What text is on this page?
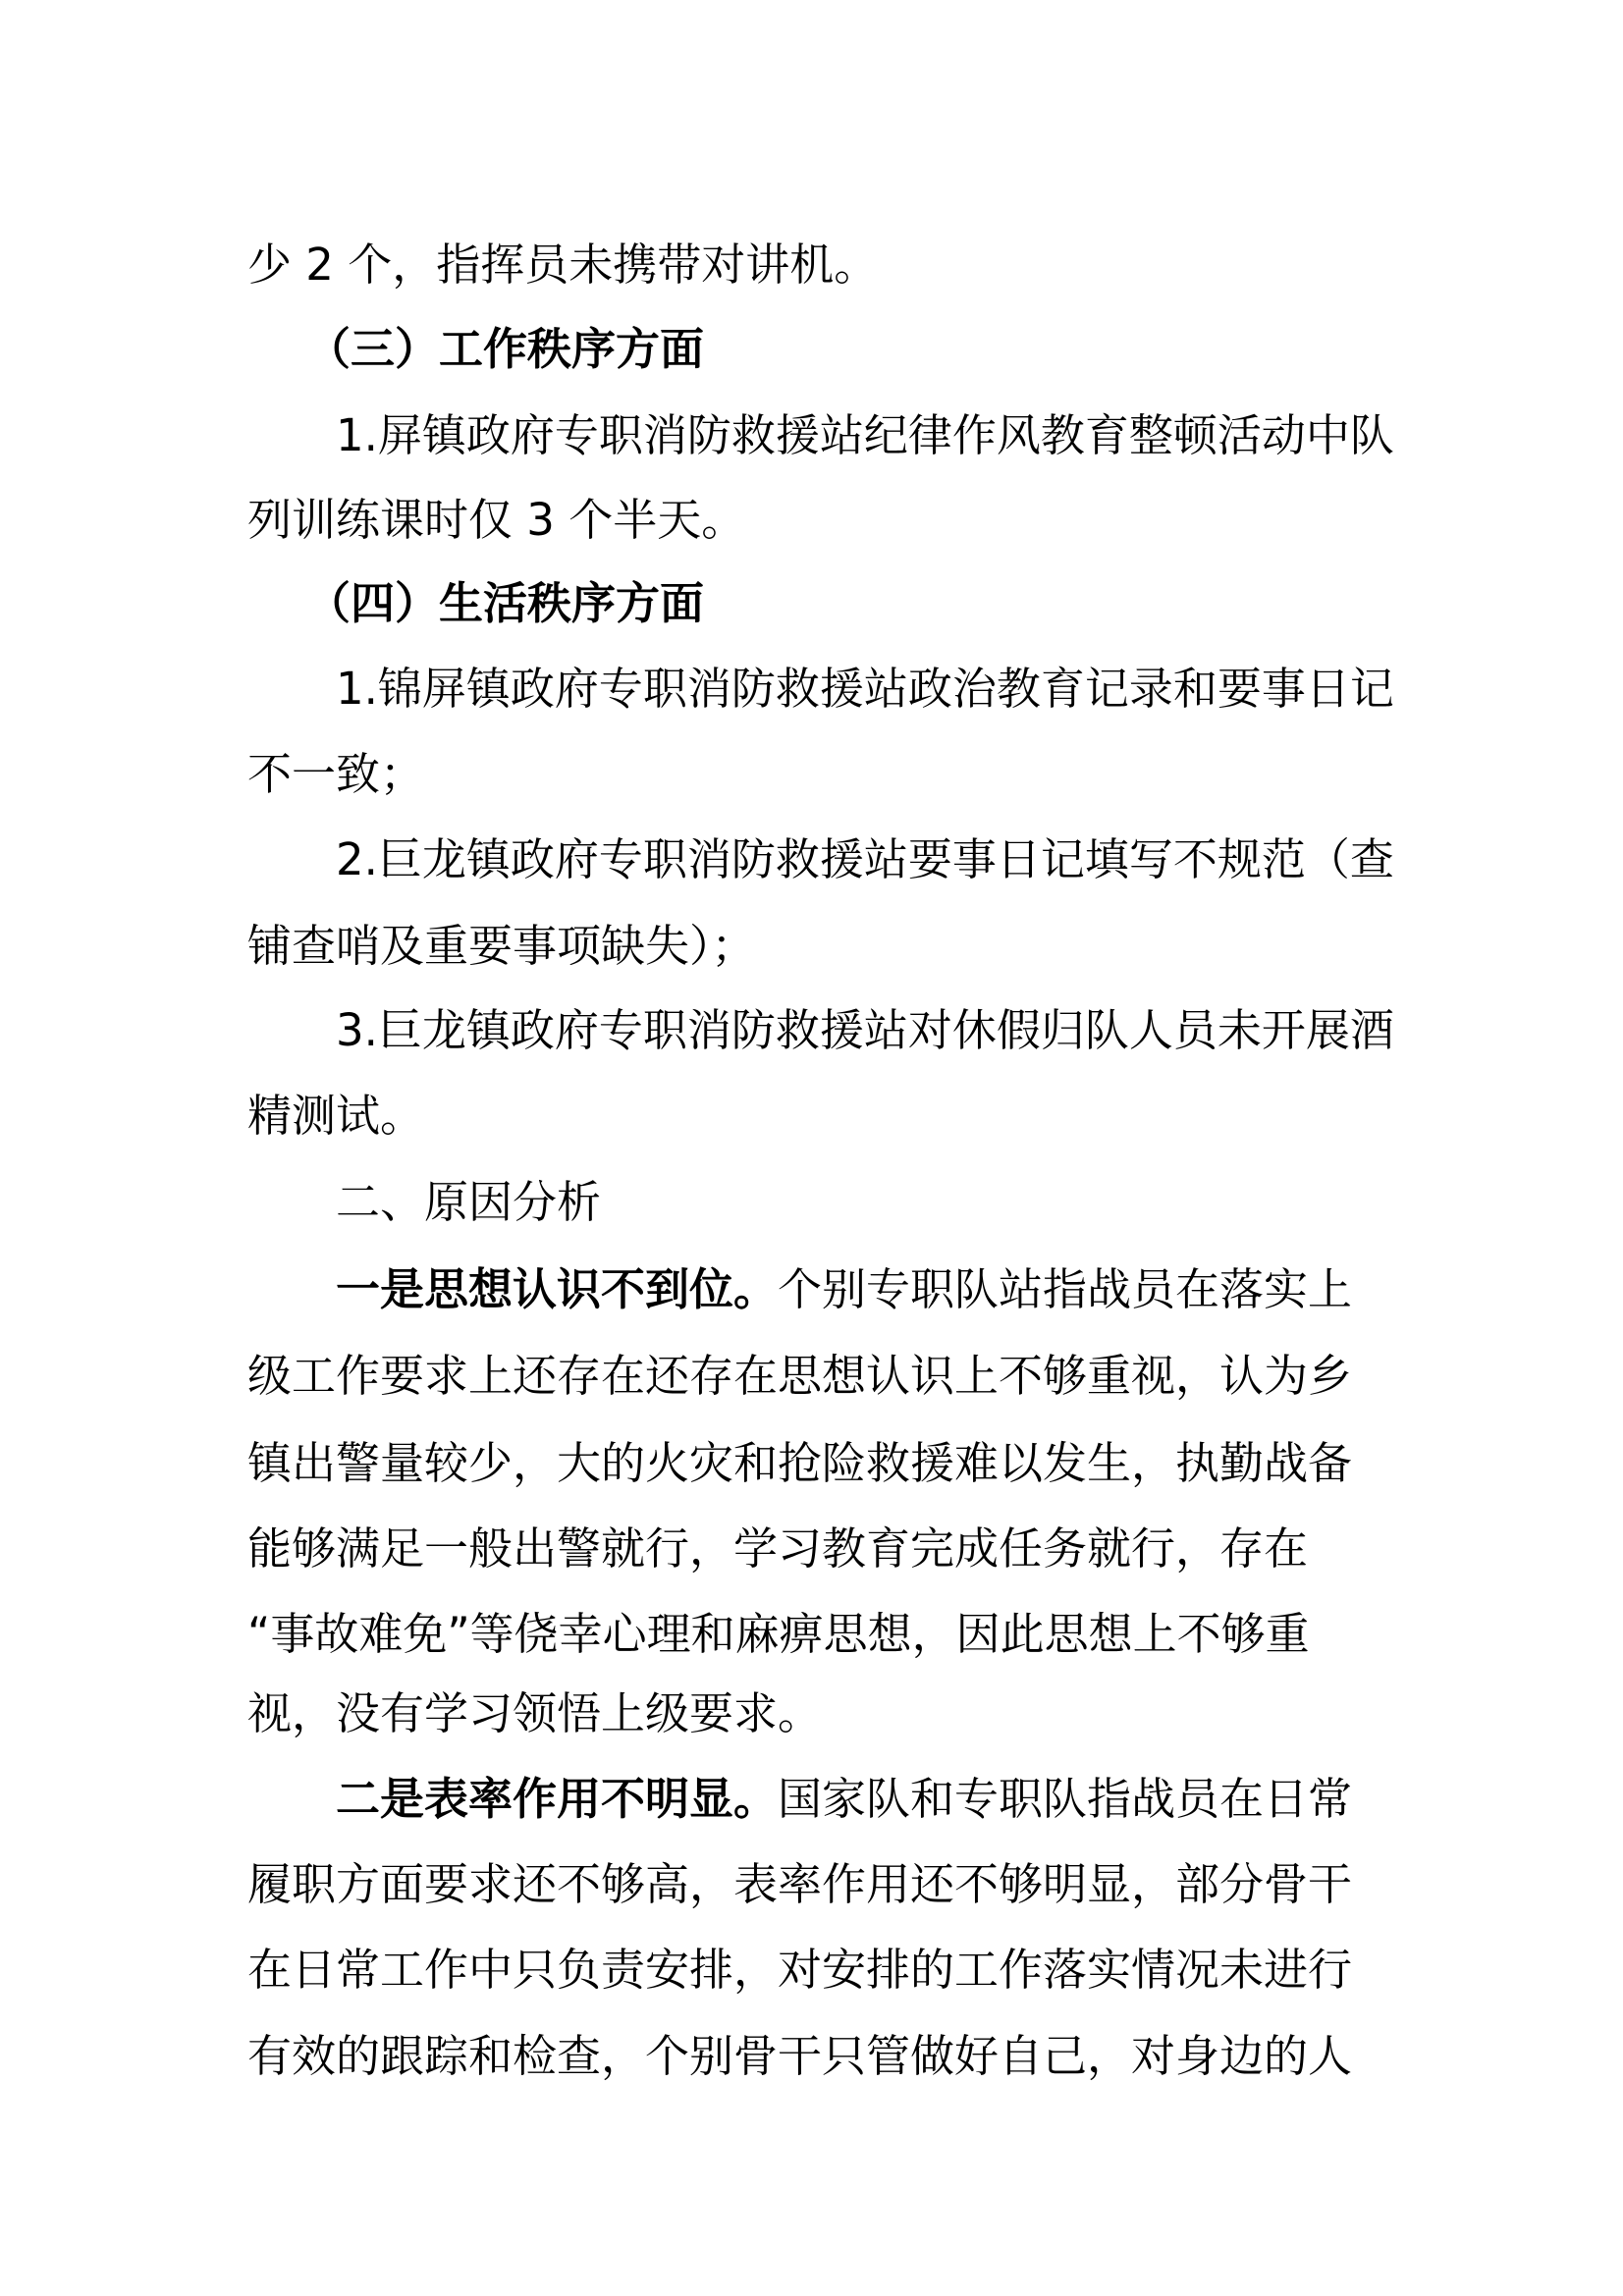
少 2 个，指挥员未携带对讲机。
（三）工作秩序方面
1.屏镇政府专职消防救援站纪律作风教育整顿活动中队
列训练课时仅 3 个半天。
（四）生活秩序方面
1.锦屏镇政府专职消防救援站政治教育记录和要事日记
不一致；
2.巨龙镇政府专职消防救援站要事日记填写不规范（查
铺查哨及重要事项缺失）；
3.巨龙镇政府专职消防救援站对休假归队人员未开展酒
精测试。
二、原因分析
一是思想认识不到位。个别专职队站指战员在落实上
级工作要求上还存在还存在思想认识上不够重视，认为乡
镇出警量较少，大的火灾和抢险救援难以发生，执勤战备
能够满足一般出警就行，学习教育完成任务就行，存在
“事故难免”等侥幸心理和麻痹思想，因此思想上不够重
视，没有学习领悟上级要求。
二是表率作用不明显。国家队和专职队指战员在日常
履职方面要求还不够高，表率作用还不够明显，部分骨干
在日常工作中只负责安排，对安排的工作落实情况未进行
有效的跟踪和检查，个别骨干只管做好自己，对身边的人
